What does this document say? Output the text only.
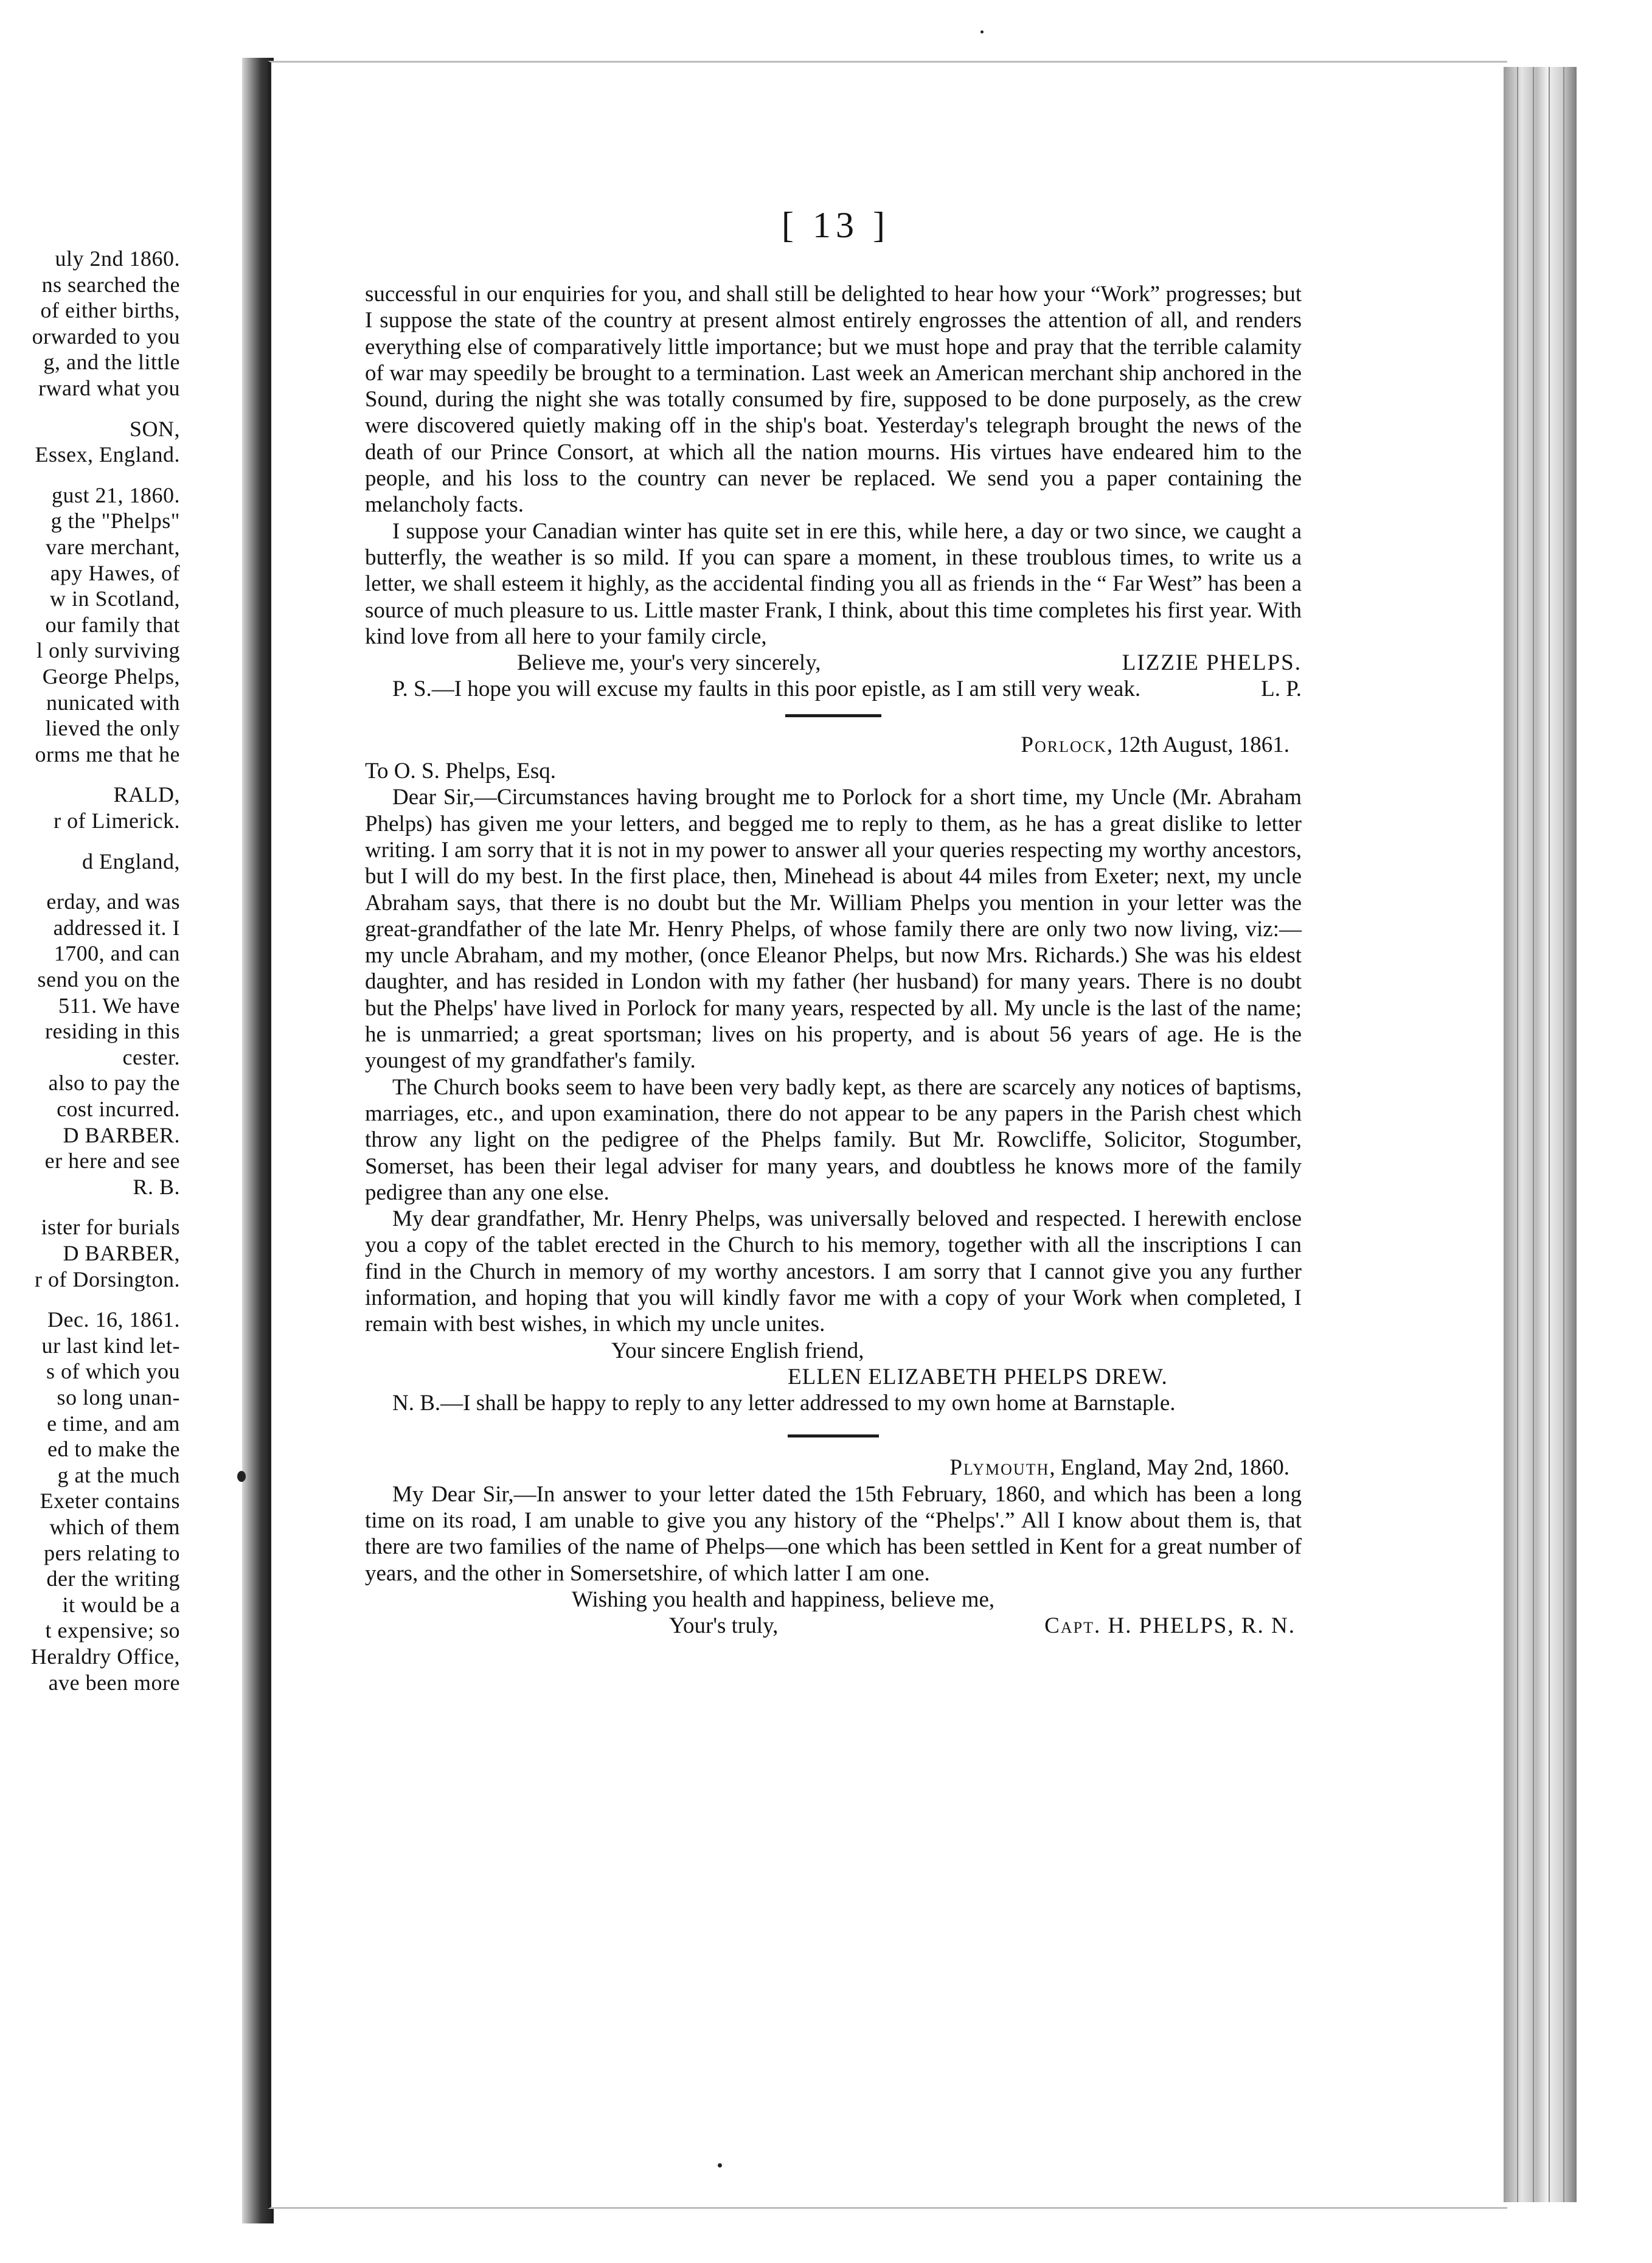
uly 2nd 1860.
ns searched the
of either births,
orwarded to you
g, and the little
rward what you
SON,
Essex, England.
gust 21, 1860.
g the "Phelps"
vare merchant,
apy Hawes, of
w in Scotland,
our family that
l only surviving
George Phelps,
nunicated with
lieved the only
orms me that he
RALD,
r of Limerick.
d England,
erday, and was
addressed it. I
1700, and can
send you on the
511. We have
residing in this
cester.
also to pay the
cost incurred.
D BARBER.
er here and see
R. B.
ister for burials
D BARBER,
r of Dorsington.
Dec. 16, 1861.
ur last kind let-
s of which you
so long unan-
e time, and am
ed to make the
g at the much
Exeter contains
which of them
pers relating to
der the writing
it would be a
t expensive; so
Heraldry Office,
ave been more
[ 13 ]

successful in our enquiries for you, and shall still be delighted to hear how your “Work” progresses; but I suppose the state of the country at present almost entirely engrosses the attention of all, and renders everything else of comparatively little importance; but we must hope and pray that the terrible calamity of war may speedily be brought to a termination. Last week an American merchant ship anchored in the Sound, during the night she was totally consumed by fire, supposed to be done purposely, as the crew were discovered quietly making off in the ship's boat. Yesterday's telegraph brought the news of the death of our Prince Consort, at which all the nation mourns. His virtues have endeared him to the people, and his loss to the country can never be replaced. We send you a paper containing the melancholy facts.

I suppose your Canadian winter has quite set in ere this, while here, a day or two since, we caught a butterfly, the weather is so mild. If you can spare a moment, in these troublous times, to write us a letter, we shall esteem it highly, as the accidental finding you all as friends in the “ Far West” has been a source of much pleasure to us. Little master Frank, I think, about this time completes his first year. With kind love from all here to your family circle,

Believe me, your's very sincerely,	LIZZIE PHELPS.
P. S.—I hope you will excuse my faults in this poor epistle, as I am still very weak.	L. P.
Porlock, 12th August, 1861.
To O. S. Phelps, Esq.

Dear Sir,—Circumstances having brought me to Porlock for a short time, my Uncle (Mr. Abraham Phelps) has given me your letters, and begged me to reply to them, as he has a great dislike to letter writing. I am sorry that it is not in my power to answer all your queries respecting my worthy ancestors, but I will do my best. In the first place, then, Minehead is about 44 miles from Exeter; next, my uncle Abraham says, that there is no doubt but the Mr. William Phelps you mention in your letter was the great-grandfather of the late Mr. Henry Phelps, of whose family there are only two now living, viz:—my uncle Abraham, and my mother, (once Eleanor Phelps, but now Mrs. Richards.) She was his eldest daughter, and has resided in London with my father (her husband) for many years. There is no doubt but the Phelps' have lived in Porlock for many years, respected by all. My uncle is the last of the name; he is unmarried; a great sportsman; lives on his property, and is about 56 years of age. He is the youngest of my grandfather's family.

The Church books seem to have been very badly kept, as there are scarcely any notices of baptisms, marriages, etc., and upon examination, there do not appear to be any papers in the Parish chest which throw any light on the pedigree of the Phelps family. But Mr. Rowcliffe, Solicitor, Stogumber, Somerset, has been their legal adviser for many years, and doubtless he knows more of the family pedigree than any one else.

My dear grandfather, Mr. Henry Phelps, was universally beloved and respected. I herewith enclose you a copy of the tablet erected in the Church to his memory, together with all the inscriptions I can find in the Church in memory of my worthy ancestors. I am sorry that I cannot give you any further information, and hoping that you will kindly favor me with a copy of your Work when completed, I remain with best wishes, in which my uncle unites.

Your sincere English friend,
ELLEN ELIZABETH PHELPS DREW.

N. B.—I shall be happy to reply to any letter addressed to my own home at Barnstaple.

Plymouth, England, May 2nd, 1860.

My Dear Sir,—In answer to your letter dated the 15th February, 1860, and which has been a long time on its road, I am unable to give you any history of the “Phelps'.” All I know about them is, that there are two families of the name of Phelps—one which has been settled in Kent for a great number of years, and the other in Somersetshire, of which latter I am one.

Wishing you health and happiness, believe me,
Your's truly,	Capt. H. PHELPS, R. N.
